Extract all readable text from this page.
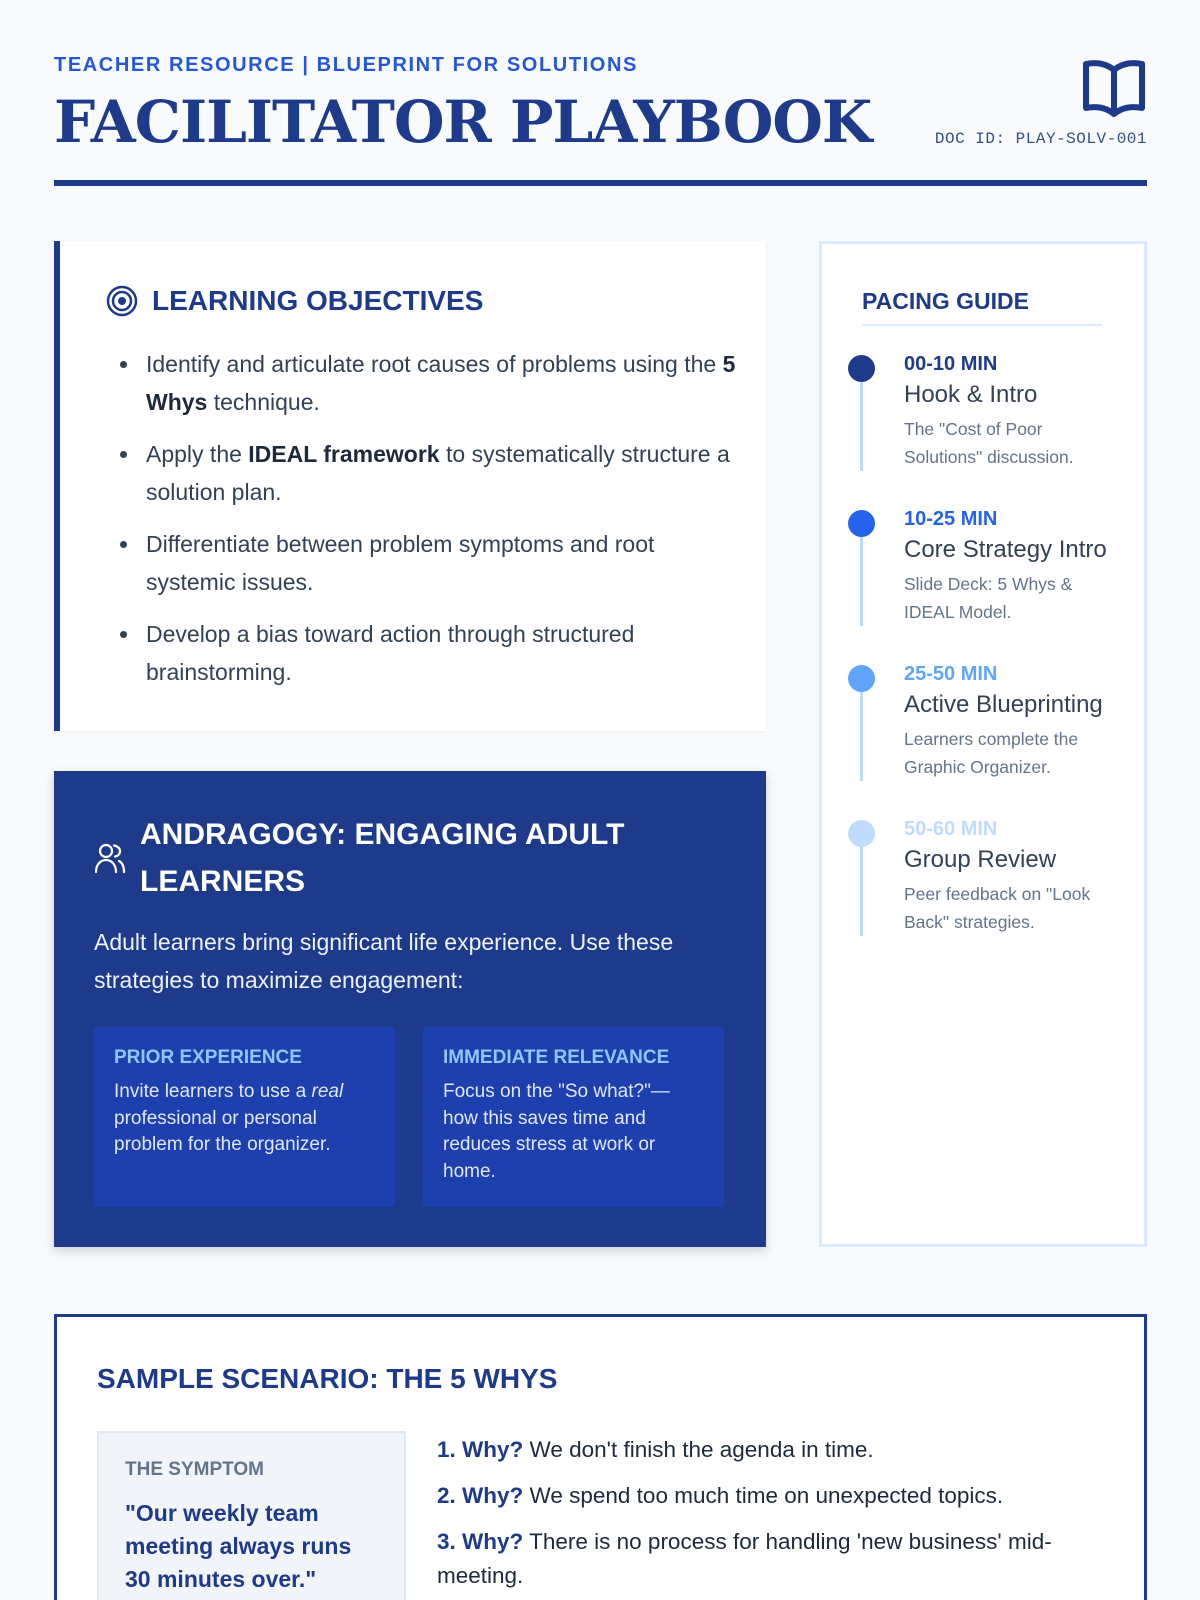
TEACHER RESOURCE | BLUEPRINT FOR SOLUTIONS
FACILITATOR PLAYBOOK	DOC ID: PLAY-SOLV-001
LEARNING OBJECTIVES
Identify and articulate root causes of problems using the 5 Whys technique.
Apply the IDEAL framework to systematically structure a solution plan.
Differentiate between problem symptoms and root systemic issues.
Develop a bias toward action through structured brainstorming.
ANDRAGOGY: ENGAGING ADULT LEARNERS
Adult learners bring significant life experience. Use these strategies to maximize engagement:
PRIOR EXPERIENCE
Invite learners to use a real professional or personal problem for the organizer.
IMMEDIATE RELEVANCE
Focus on the "So what?"—how this saves time and reduces stress at work or home.
PACING GUIDE
00-10 MIN
Hook & Intro
The "Cost of Poor Solutions" discussion.
10-25 MIN
Core Strategy Intro
Slide Deck: 5 Whys & IDEAL Model.
25-50 MIN
Active Blueprinting
Learners complete the Graphic Organizer.
50-60 MIN
Group Review
Peer feedback on "Look Back" strategies.
SAMPLE SCENARIO: THE 5 WHYS
THE SYMPTOM
"Our weekly team meeting always runs 30 minutes over."
1. Why? We don't finish the agenda in time.
2. Why? We spend too much time on unexpected topics.
3. Why? There is no process for handling 'new business' mid-meeting.
